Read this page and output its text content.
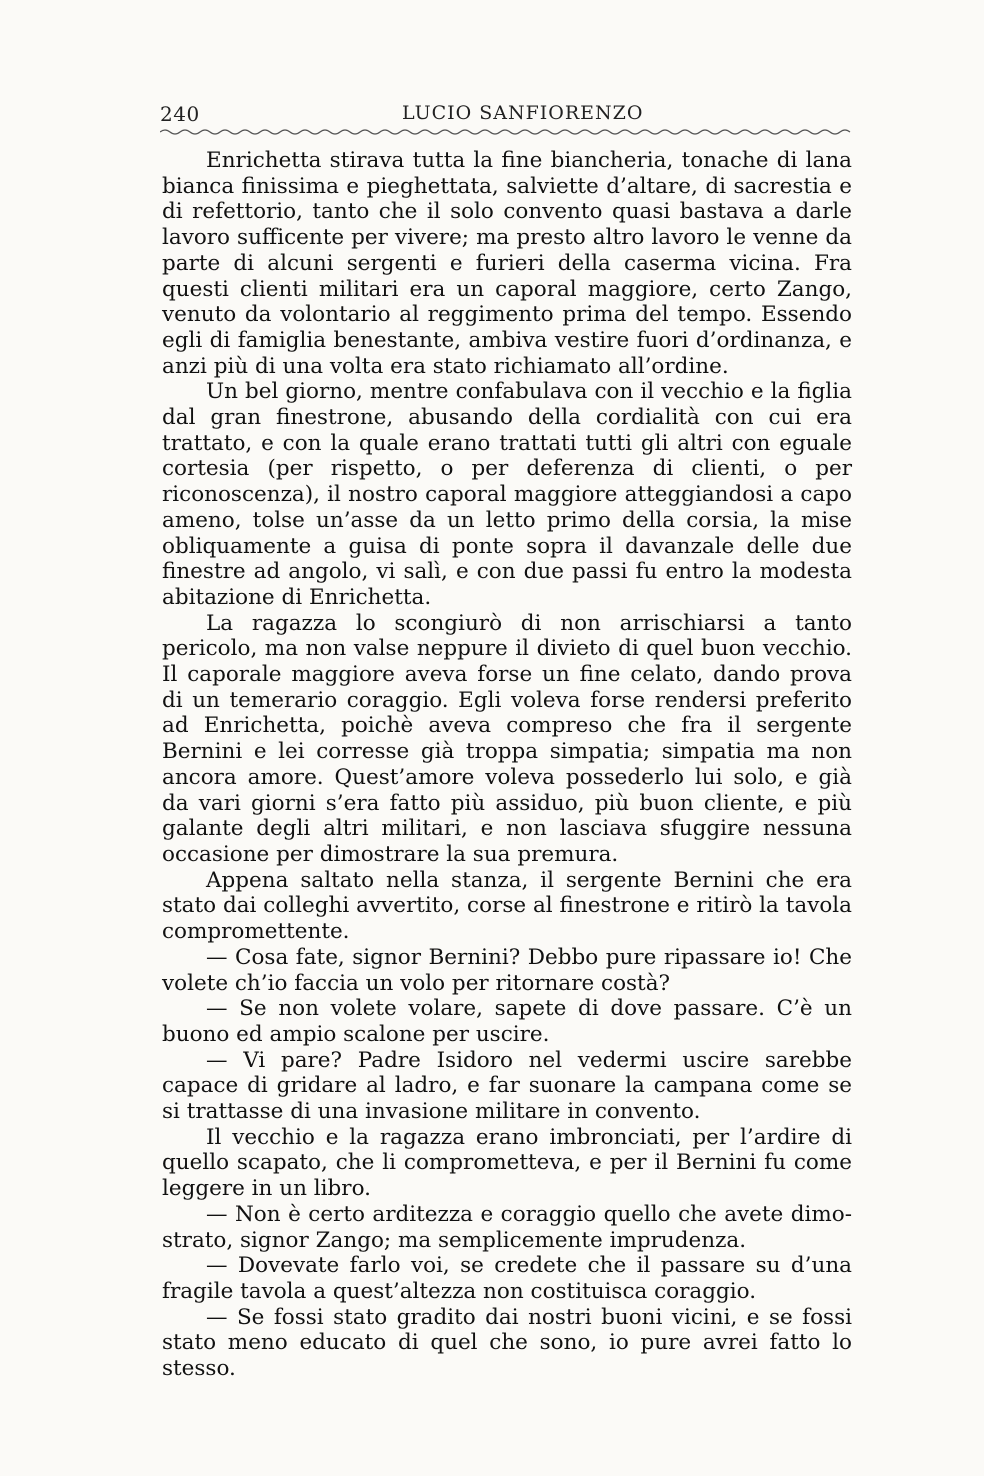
240	LUCIO SANFIORENZO

Enrichetta stirava tutta la fine biancheria, tonache di lana bianca finissima e pieghettata, salviette d’altare, di sacrestia e di refettorio, tanto che il solo convento quasi bastava a darle lavoro sufficente per vivere; ma presto altro lavoro le venne da parte di alcuni sergenti e furieri della caserma vicina. Fra questi clienti militari era un caporal maggiore, certo Zango, venuto da volontario al reggimento prima del tempo. Essendo egli di famiglia benestante, ambiva vestire fuori d’ordinanza, e anzi più di una volta era stato richiamato all’ordine.

Un bel giorno, mentre confabulava con il vecchio e la figlia dal gran finestrone, abusando della cordialità con cui era trattato, e con la quale erano trattati tutti gli altri con eguale cortesia (per rispetto, o per deferenza di clienti, o per riconoscenza), il nostro caporal maggiore atteggiandosi a capo ameno, tolse un’asse da un letto primo della corsia, la mise obliquamente a guisa di ponte sopra il davanzale delle due finestre ad angolo, vi salì, e con due passi fu entro la modesta abitazione di Enrichetta.

La ragazza lo scongiurò di non arrischiarsi a tanto pericolo, ma non valse neppure il divieto di quel buon vecchio. Il caporale maggiore aveva forse un fine celato, dando prova di un temerario coraggio. Egli voleva forse rendersi preferito ad Enrichetta, poichè aveva compreso che fra il sergente Bernini e lei corresse già troppa simpatia; simpatia ma non ancora amore. Quest’amore voleva possederlo lui solo, e già da vari giorni s’era fatto più assiduo, più buon cliente, e più galante degli altri militari, e non lasciava sfuggire nessuna occasione per dimostrare la sua premura.

Appena saltato nella stanza, il sergente Bernini che era stato dai colleghi avvertito, corse al finestrone e ritirò la tavola compromettente.

— Cosa fate, signor Bernini? Debbo pure ripassare io! Che volete ch’io faccia un volo per ritornare costà?

— Se non volete volare, sapete di dove passare. C’è un buono ed ampio scalone per uscire.

— Vi pare? Padre Isidoro nel vedermi uscire sarebbe capace di gridare al ladro, e far suonare la campana come se si trattasse di una invasione militare in convento.

Il vecchio e la ragazza erano imbronciati, per l’ardire di quello scapato, che li comprometteva, e per il Bernini fu come leggere in un libro.

— Non è certo arditezza e coraggio quello che avete dimostrato, signor Zango; ma semplicemente imprudenza.

— Dovevate farlo voi, se credete che il passare su d’una fragile tavola a quest’altezza non costituisca coraggio.

— Se fossi stato gradito dai nostri buoni vicini, e se fossi stato meno educato di quel che sono, io pure avrei fatto lo stesso.
